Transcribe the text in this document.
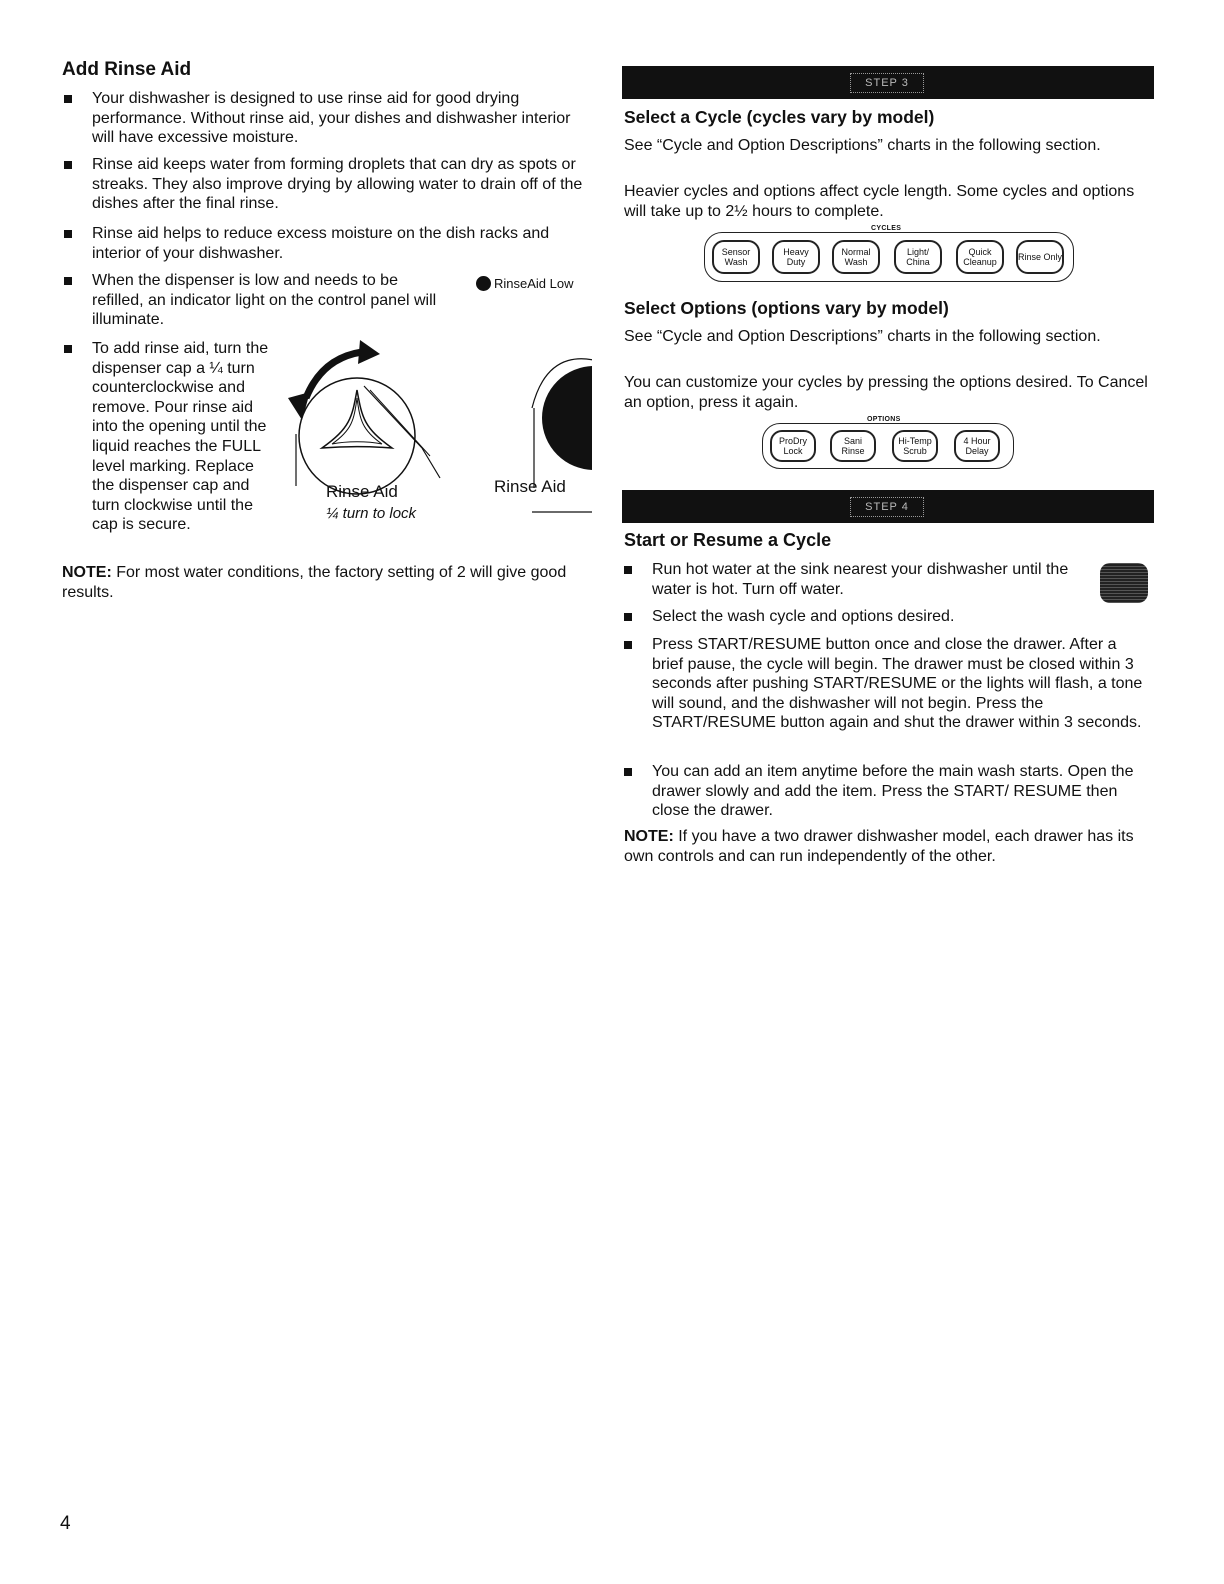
Add Rinse Aid
Your dishwasher is designed to use rinse aid for good drying performance. Without rinse aid, your dishes and dishwasher interior will have excessive moisture.
Rinse aid keeps water from forming droplets that can dry as spots or streaks. They also improve drying by allowing water to drain off of the dishes after the final rinse.
Rinse aid helps to reduce excess moisture on the dish racks and interior of your dishwasher.
When the dispenser is low and needs to be refilled, an indicator light on the control panel will illuminate.
To add rinse aid, turn the dispenser cap a ¼ turn counterclockwise and remove. Pour rinse aid into the opening until the liquid reaches the FULL level marking. Replace the dispenser cap and turn clockwise until the cap is secure.
RinseAid Low
Rinse Aid
¼ turn to lock
Rinse Aid

NOTE: For most water conditions, the factory setting of 2 will give good results.

STEP 3
Select a Cycle (cycles vary by model)

See “Cycle and Option Descriptions” charts in the following section.

Heavier cycles and options affect cycle length. Some cycles and options will take up to 2½ hours to complete.

CYCLES
Sensor Wash
Heavy Duty
Normal Wash
Light/ China
Quick Cleanup	Rinse Only
Select Options (options vary by model)

See “Cycle and Option Descriptions” charts in the following section.

You can customize your cycles by pressing the options desired. To Cancel an option, press it again.

OPTIONS
ProDry Lock
Sani Rinse
Hi-Temp Scrub
4 Hour Delay
STEP 4
Start or Resume a Cycle
Run hot water at the sink nearest your dishwasher until the water is hot. Turn off water.
Select the wash cycle and options desired.
Press START/RESUME button once and close the drawer. After a brief pause, the cycle will begin. The drawer must be closed within 3 seconds after pushing START/RESUME or the lights will flash, a tone will sound, and the dishwasher will not begin. Press the START/RESUME button again and shut the drawer within 3 seconds.
You can add an item anytime before the main wash starts. Open the drawer slowly and add the item. Press the START/ RESUME then close the drawer.

NOTE: If you have a two drawer dishwasher model, each drawer has its own controls and can run independently of the other.

4
